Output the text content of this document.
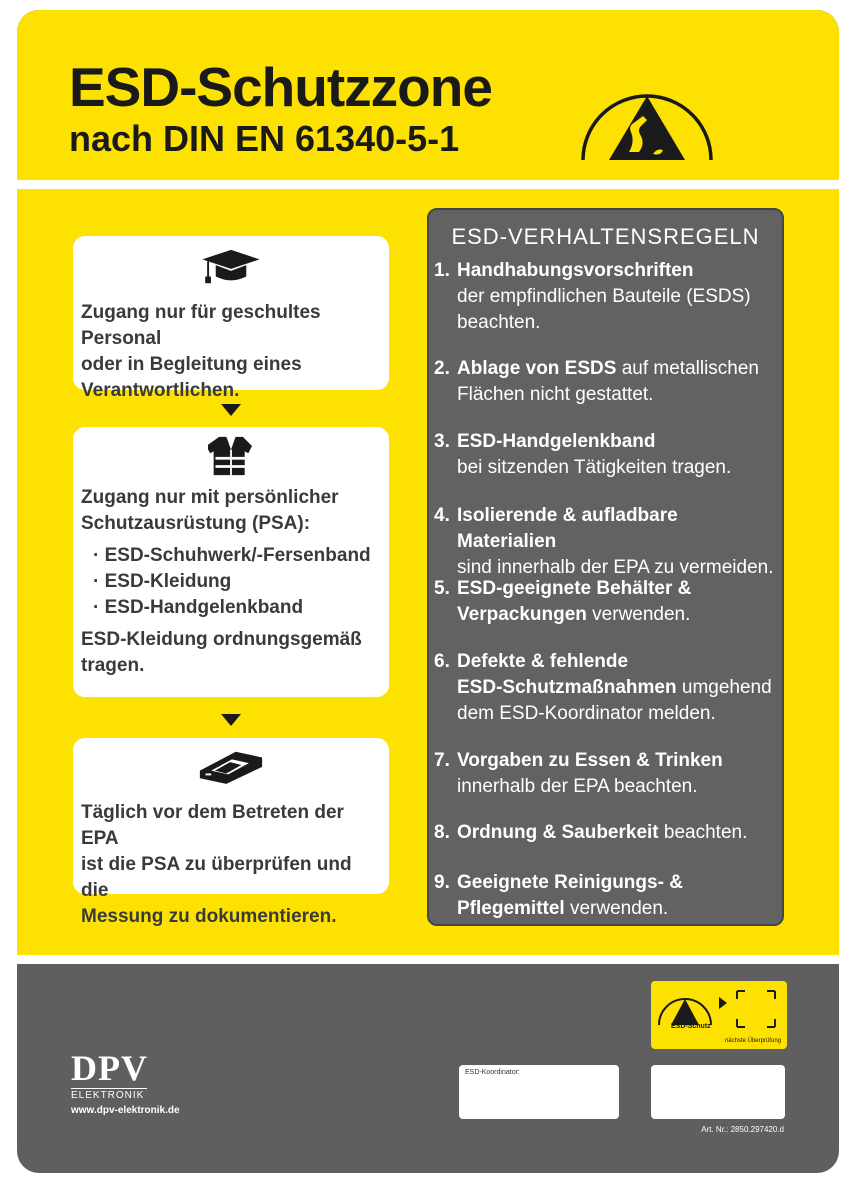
ESD-Schutzzone
nach DIN EN 61340-5-1

Zugang nur für geschultes Personal

oder in Begleitung eines

Verantwortlichen.

Zugang nur mit persönlicher

Schutzausrüstung (PSA):

· ESD-Schuhwerk/-Fersenband
· ESD-Kleidung
· ESD-Handgelenkband

ESD-Kleidung ordnungsgemäß

tragen.

Täglich vor dem Betreten der EPA

ist die PSA zu überprüfen und die

Messung zu dokumentieren.

ESD-VERHALTENSREGELN
1. Handhabungsvorschriften
der empfindlichen Bauteile (ESDS)
beachten.
2. Ablage von ESDS auf metallischen
Flächen nicht gestattet.
3. ESD-Handgelenkband
bei sitzenden Tätigkeiten tragen.
4. Isolierende & aufladbare Materialien
sind innerhalb der EPA zu vermeiden.
5. ESD-geeignete Behälter &
Verpackungen verwenden.
6. Defekte & fehlende
ESD-Schutzmaßnahmen umgehend
dem ESD-Koordinator melden.
7. Vorgaben zu Essen & Trinken
innerhalb der EPA beachten.
8. Ordnung & Sauberkeit beachten.
9. Geeignete Reinigungs- &
Pflegemittel verwenden.
DPV
ELEKTRONIK
www.dpv-elektronik.de
ESD-Schutz
nächste Überprüfung
ESD-Koordinator:
Art. Nr.: 2850.297420.d
